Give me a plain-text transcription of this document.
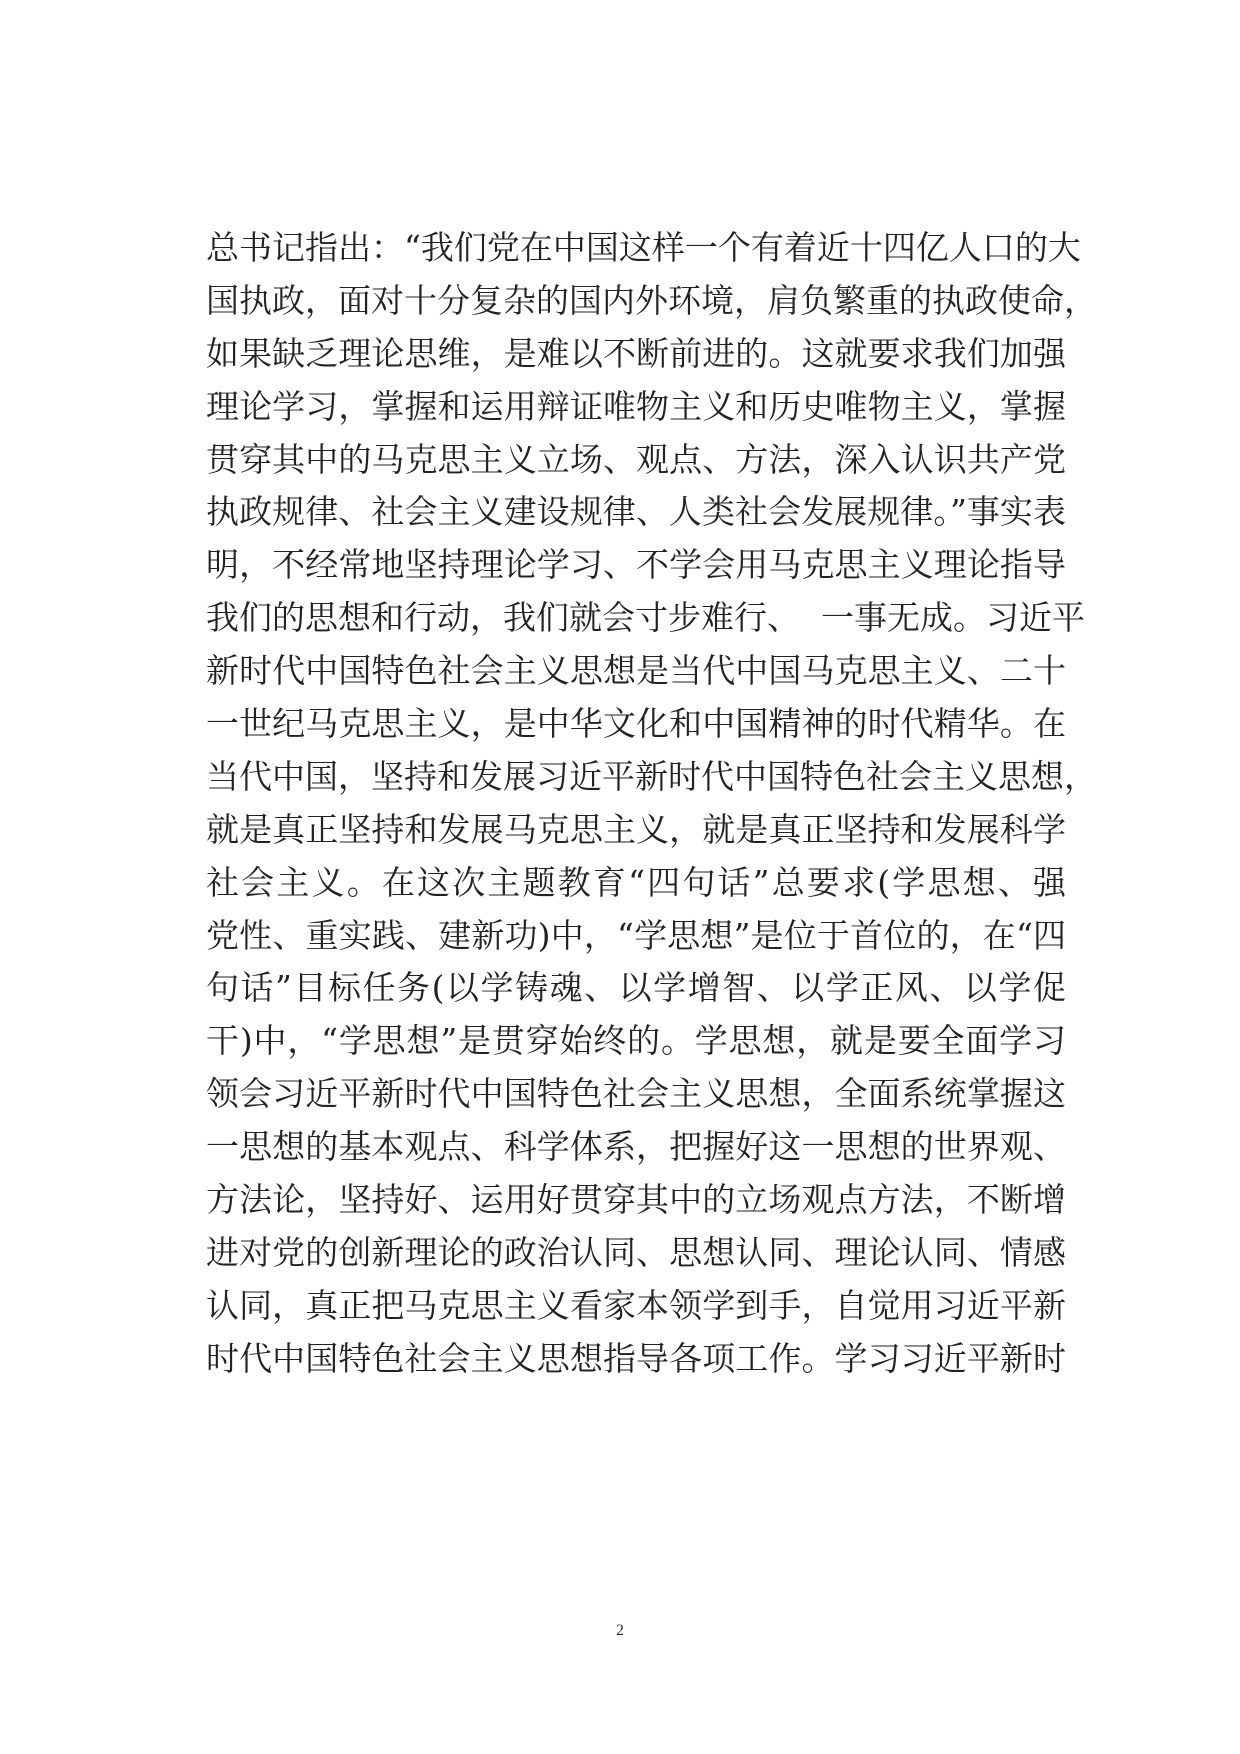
总书记指出：“我们党在中国这样一个有着近十四亿人口的大
国执政，面对十分复杂的国内外环境，肩负繁重的执政使命，
如果缺乏理论思维，是难以不断前进的。这就要求我们加强
理论学习，掌握和运用辩证唯物主义和历史唯物主义，掌握
贯穿其中的马克思主义立场、观点、方法，深入认识共产党
执政规律、社会主义建设规律、人类社会发展规律。”事实表
明，不经常地坚持理论学习、不学会用马克思主义理论指导
我们的思想和行动，我们就会寸步难行、  一事无成。习近平
新时代中国特色社会主义思想是当代中国马克思主义、二十
一世纪马克思主义，是中华文化和中国精神的时代精华。在
当代中国，坚持和发展习近平新时代中国特色社会主义思想，
就是真正坚持和发展马克思主义，就是真正坚持和发展科学
社会主义。在这次主题教育“四句话”总要求(学思想、强
党性、重实践、建新功)中，“学思想”是位于首位的，在“四
句话”目标任务(以学铸魂、以学增智、以学正风、以学促
干)中，“学思想”是贯穿始终的。学思想，就是要全面学习
领会习近平新时代中国特色社会主义思想，全面系统掌握这
一思想的基本观点、科学体系，把握好这一思想的世界观、
方法论，坚持好、运用好贯穿其中的立场观点方法，不断增
进对党的创新理论的政治认同、思想认同、理论认同、情感
认同，真正把马克思主义看家本领学到手，自觉用习近平新
时代中国特色社会主义思想指导各项工作。学习习近平新时
2
